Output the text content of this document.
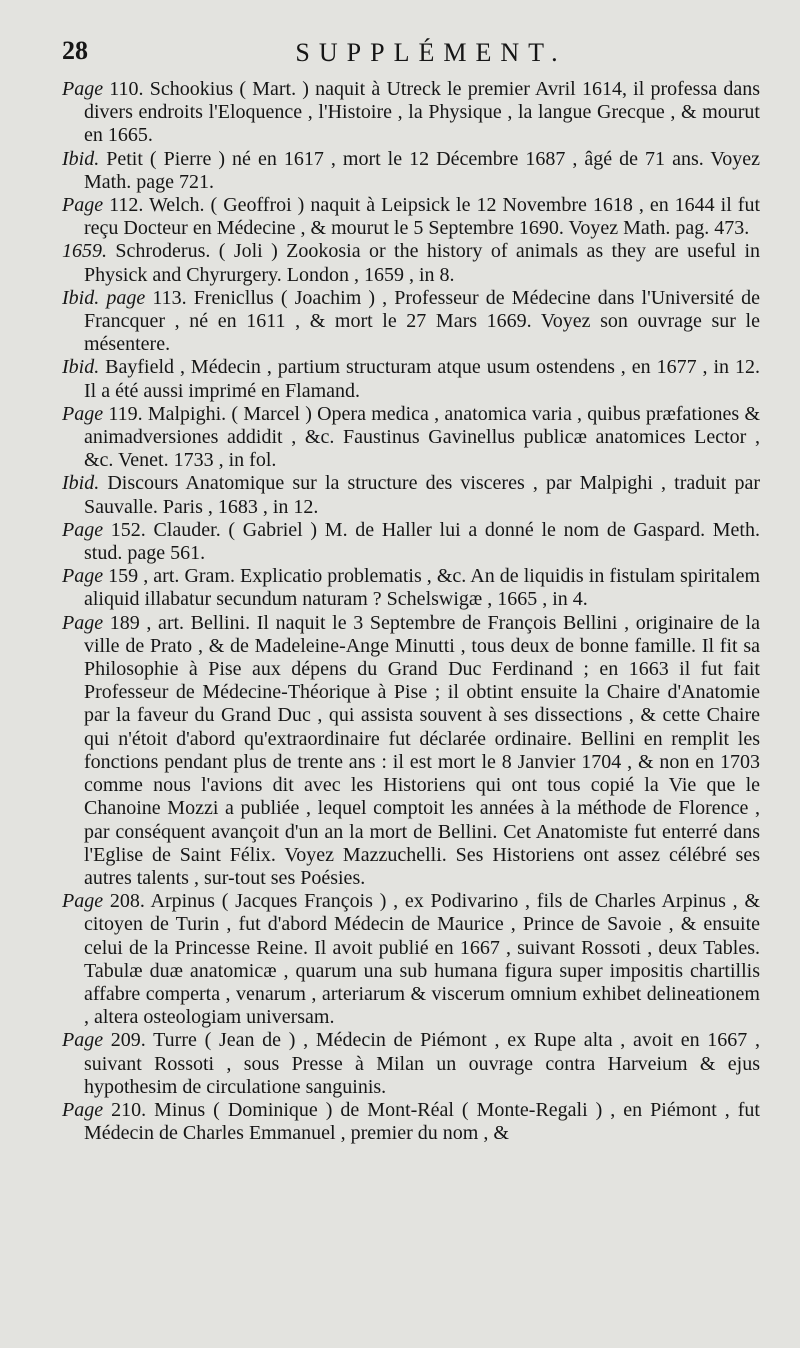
28	SUPPLÉMENT.

Page 110. Schookius ( Mart. ) naquit à Utreck le premier Avril 1614, il professa dans divers endroits l'Eloquence , l'Histoire , la Physique , la langue Grecque , & mourut en 1665.

Ibid. Petit ( Pierre ) né en 1617 , mort le 12 Décembre 1687 , âgé de 71 ans. Voyez Math. page 721.

Page 112. Welch. ( Geoffroi ) naquit à Leipsick le 12 Novembre 1618 , en 1644 il fut reçu Docteur en Médecine , & mourut le 5 Septembre 1690. Voyez Math. pag. 473.

1659. Schroderus. ( Joli ) Zookosia or the history of animals as they are useful in Physick and Chyrurgery. London , 1659 , in 8.

Ibid. page 113. Frenicllus ( Joachim ) , Professeur de Médecine dans l'Université de Francquer , né en 1611 , & mort le 27 Mars 1669. Voyez son ouvrage sur le mésentere.

Ibid. Bayfield , Médecin , partium structuram atque usum ostendens , en 1677 , in 12. Il a été aussi imprimé en Flamand.

Page 119. Malpighi. ( Marcel ) Opera medica , anatomica varia , quibus præfationes & animadversiones addidit , &c. Faustinus Gavinellus publicæ anatomices Lector , &c. Venet. 1733 , in fol.

Ibid. Discours Anatomique sur la structure des visceres , par Malpighi , traduit par Sauvalle. Paris , 1683 , in 12.

Page 152. Clauder. ( Gabriel ) M. de Haller lui a donné le nom de Gaspard. Meth. stud. page 561.

Page 159 , art. Gram. Explicatio problematis , &c. An de liquidis in fistulam spiritalem aliquid illabatur secundum naturam ? Schelswigæ , 1665 , in 4.

Page 189 , art. Bellini. Il naquit le 3 Septembre de François Bellini , originaire de la ville de Prato , & de Madeleine-Ange Minutti , tous deux de bonne famille. Il fit sa Philosophie à Pise aux dépens du Grand Duc Ferdinand ; en 1663 il fut fait Professeur de Médecine-Théorique à Pise ; il obtint ensuite la Chaire d'Anatomie par la faveur du Grand Duc , qui assista souvent à ses dissections , & cette Chaire qui n'étoit d'abord qu'extraordinaire fut déclarée ordinaire. Bellini en remplit les fonctions pendant plus de trente ans : il est mort le 8 Janvier 1704 , & non en 1703 comme nous l'avions dit avec les Historiens qui ont tous copié la Vie que le Chanoine Mozzi a publiée , lequel comptoit les années à la méthode de Florence , par conséquent avançoit d'un an la mort de Bellini. Cet Anatomiste fut enterré dans l'Eglise de Saint Félix. Voyez Mazzuchelli. Ses Historiens ont assez célébré ses autres talents , sur-tout ses Poésies.

Page 208. Arpinus ( Jacques François ) , ex Podivarino , fils de Charles Arpinus , & citoyen de Turin , fut d'abord Médecin de Maurice , Prince de Savoie , & ensuite celui de la Princesse Reine. Il avoit publié en 1667 , suivant Rossoti , deux Tables. Tabulæ duæ anatomicæ , quarum una sub humana figura super impositis chartillis affabre comperta , venarum , arteriarum & viscerum omnium exhibet delineationem , altera osteologiam universam.

Page 209. Turre ( Jean de ) , Médecin de Piémont , ex Rupe alta , avoit en 1667 , suivant Rossoti , sous Presse à Milan un ouvrage contra Harveium & ejus hypothesim de circulatione sanguinis.

Page 210. Minus ( Dominique ) de Mont-Réal ( Monte-Regali ) , en Piémont , fut Médecin de Charles Emmanuel , premier du nom , &
